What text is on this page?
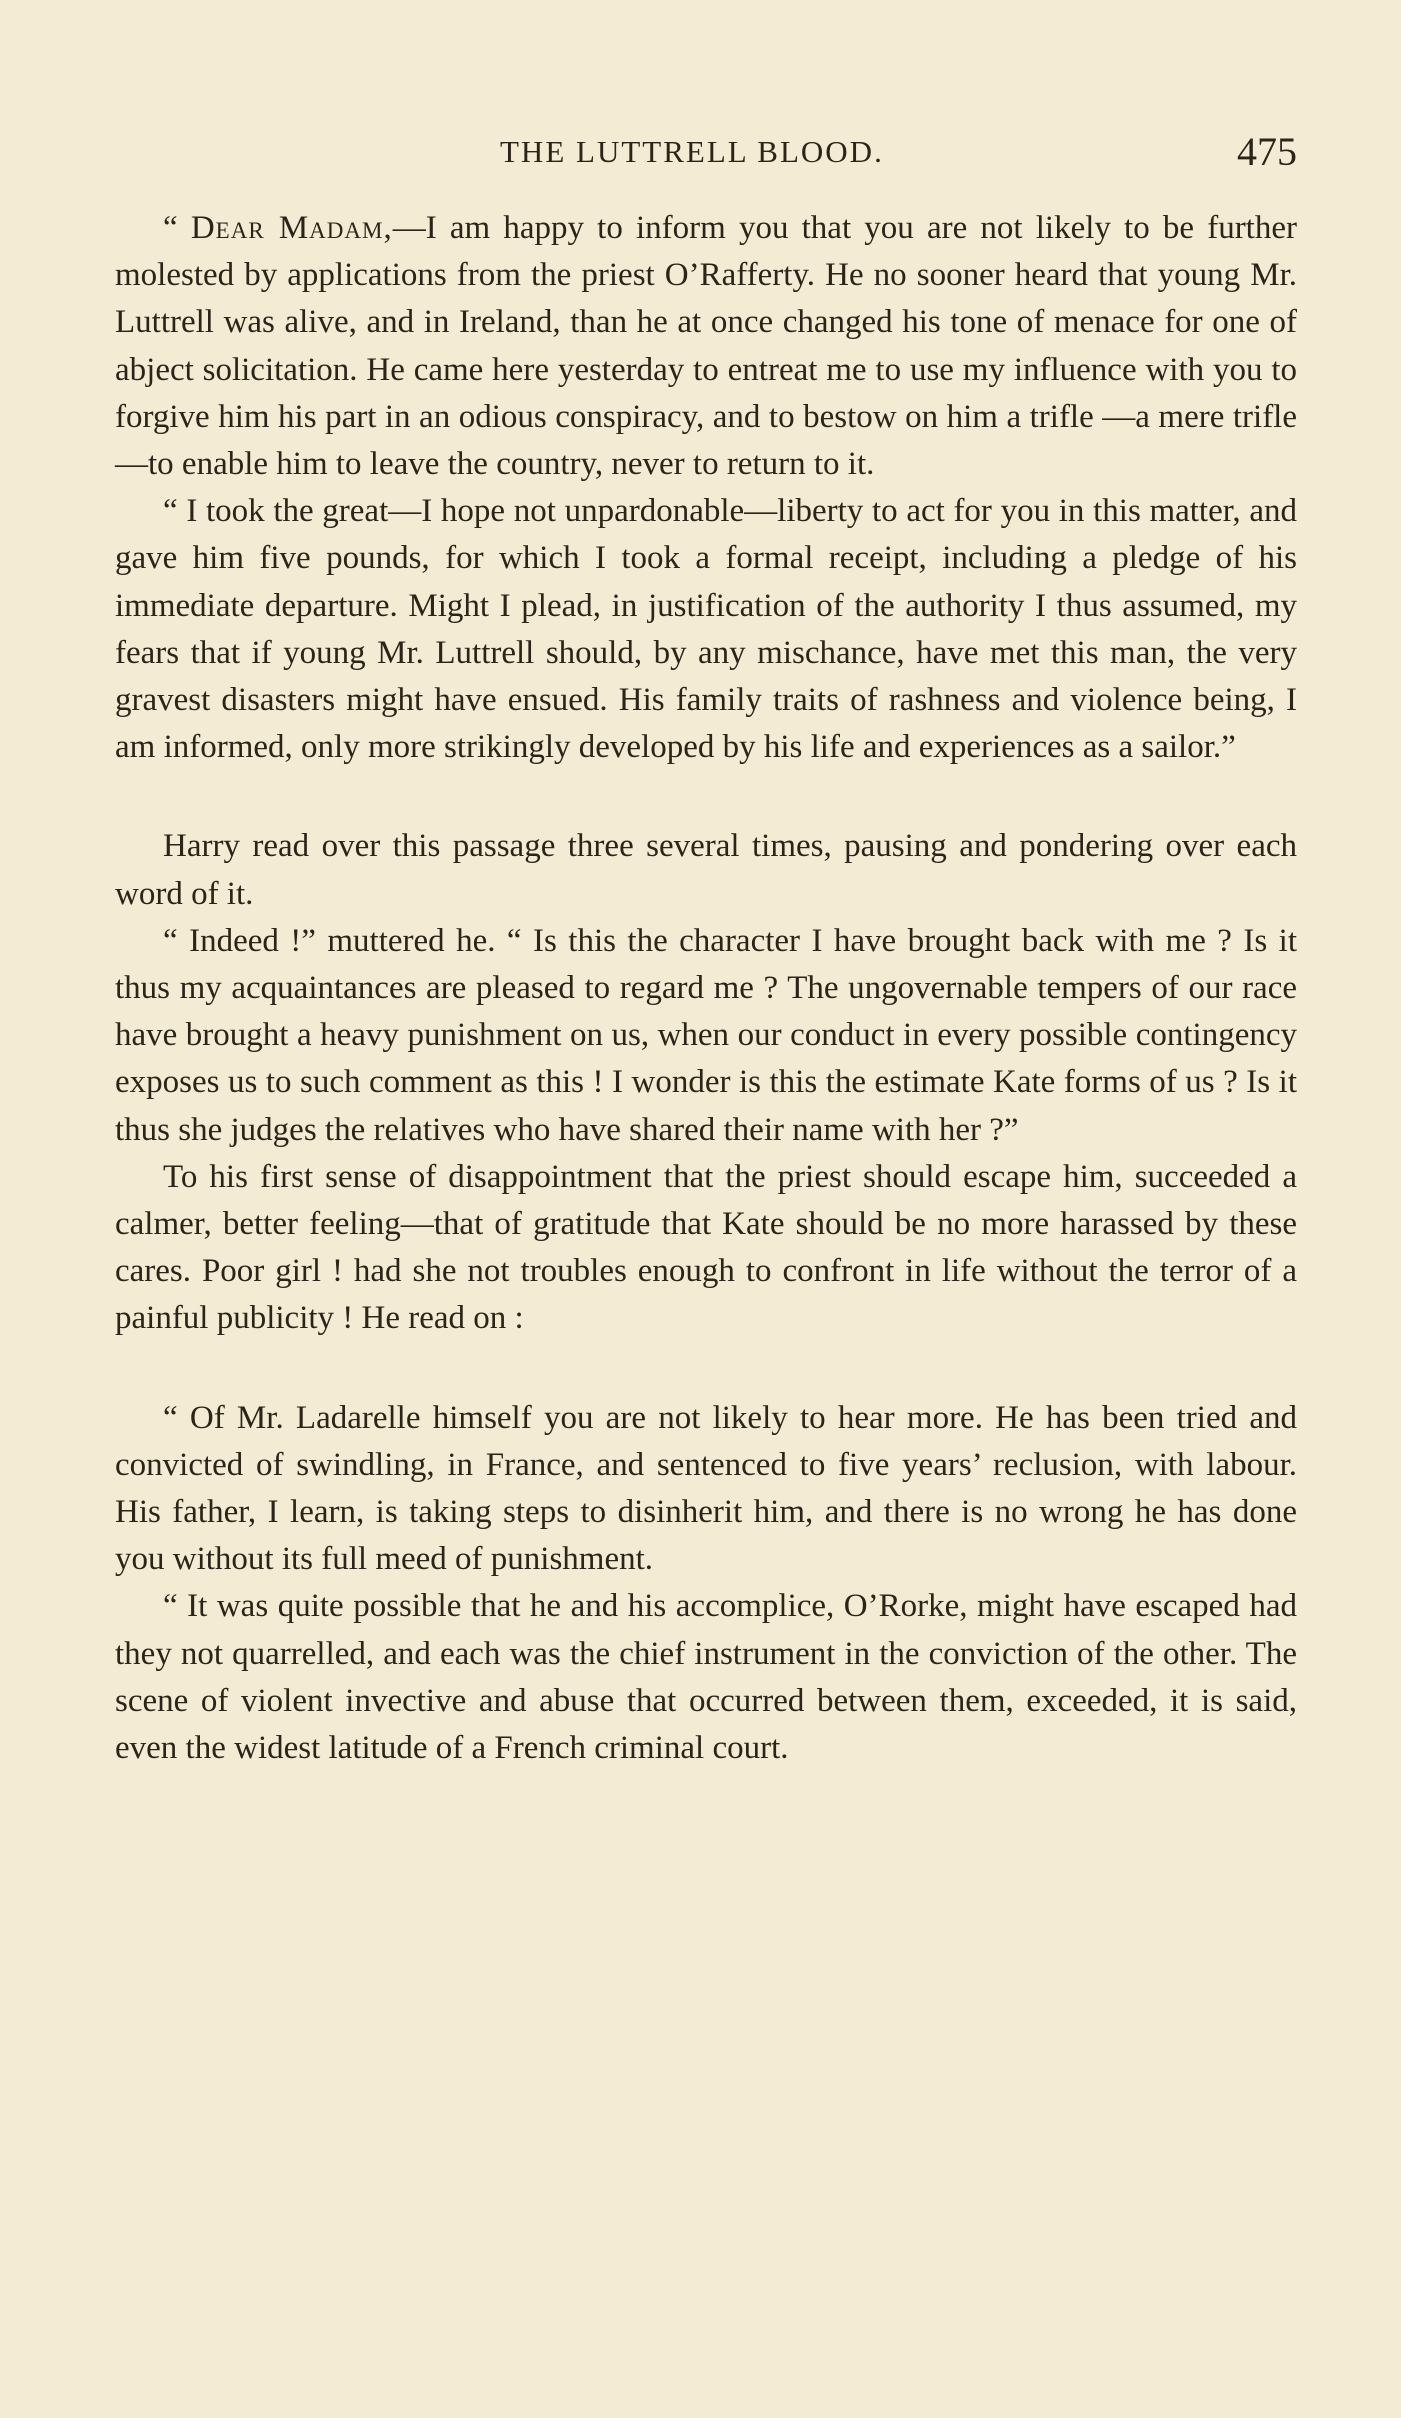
THE LUTTRELL BLOOD.	475

“ Dear Madam,—I am happy to inform you that you are not likely to be further molested by applications from the priest O’Rafferty. He no sooner heard that young Mr. Luttrell was alive, and in Ireland, than he at once changed his tone of menace for one of abject solicitation. He came here yesterday to entreat me to use my influence with you to forgive him his part in an odious conspiracy, and to bestow on him a trifle —a mere trifle—to enable him to leave the country, never to return to it.

“ I took the great—I hope not unpardonable—liberty to act for you in this matter, and gave him five pounds, for which I took a formal receipt, including a pledge of his immediate departure. Might I plead, in justification of the authority I thus assumed, my fears that if young Mr. Luttrell should, by any mischance, have met this man, the very gravest disasters might have ensued. His family traits of rashness and violence being, I am informed, only more strikingly developed by his life and experiences as a sailor.”

Harry read over this passage three several times, pausing and pondering over each word of it.

“ Indeed !” muttered he. “ Is this the character I have brought back with me ? Is it thus my acquaintances are pleased to regard me ? The ungovernable tempers of our race have brought a heavy punishment on us, when our conduct in every possible contingency exposes us to such comment as this ! I wonder is this the estimate Kate forms of us ? Is it thus she judges the relatives who have shared their name with her ?”

To his first sense of disappointment that the priest should escape him, succeeded a calmer, better feeling—that of gratitude that Kate should be no more harassed by these cares. Poor girl ! had she not troubles enough to confront in life without the terror of a painful publicity ! He read on :

“ Of Mr. Ladarelle himself you are not likely to hear more. He has been tried and convicted of swindling, in France, and sentenced to five years’ reclusion, with labour. His father, I learn, is taking steps to disinherit him, and there is no wrong he has done you without its full meed of punishment.

“ It was quite possible that he and his accomplice, O’Rorke, might have escaped had they not quarrelled, and each was the chief instrument in the conviction of the other. The scene of violent invective and abuse that occurred between them, exceeded, it is said, even the widest latitude of a French criminal court.
